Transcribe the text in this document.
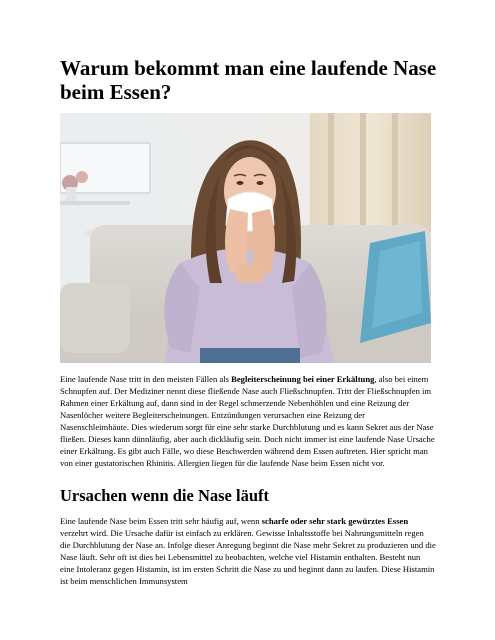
Warum bekommt man eine laufende Nase beim Essen?

Eine laufende Nase tritt in den meisten Fällen als Begleiterscheinung bei einer Erkältung, also bei einem Schnupfen auf. Der Mediziner nennt diese fließende Nase auch Fließschnupfen. Tritt der Fließschnupfen im Rahmen einer Erkältung auf, dann sind in der Regel schmerzende Nebenhöhlen und eine Reizung der Nasenlöcher weitere Begleiterscheinungen. Entzündungen verursachen eine Reizung der Nasenschleimhäute. Dies wiederum sorgt für eine sehr starke Durchblutung und es kann Sekret aus der Nase fließen. Dieses kann dünnläufig, aber auch dickläufig sein. Doch nicht immer ist eine laufende Nase Ursache einer Erkältung. Es gibt auch Fälle, wo diese Beschwerden während dem Essen auftreten. Hier spricht man von einer gustatorischen Rhinitis. Allergien liegen für die laufende Nase beim Essen nicht vor.

Ursachen wenn die Nase läuft

Eine laufende Nase beim Essen tritt sehr häufig auf, wenn scharfe oder sehr stark gewürztes Essen verzehrt wird. Die Ursache dafür ist einfach zu erklären. Gewisse Inhaltsstoffe bei Nahrungsmitteln regen die Durchblutung der Nase an. Infolge dieser Anregung beginnt die Nase mehr Sekret zu produzieren und die Nase läuft. Sehr oft ist dies bei Lebensmittel zu beobachten, welche viel Histamin enthalten. Besteht nun eine Intoleranz gegen Histamin, ist im ersten Schritt die Nase zu und beginnt dann zu laufen. Diese Histamin ist beim menschlichen Immunsystem
